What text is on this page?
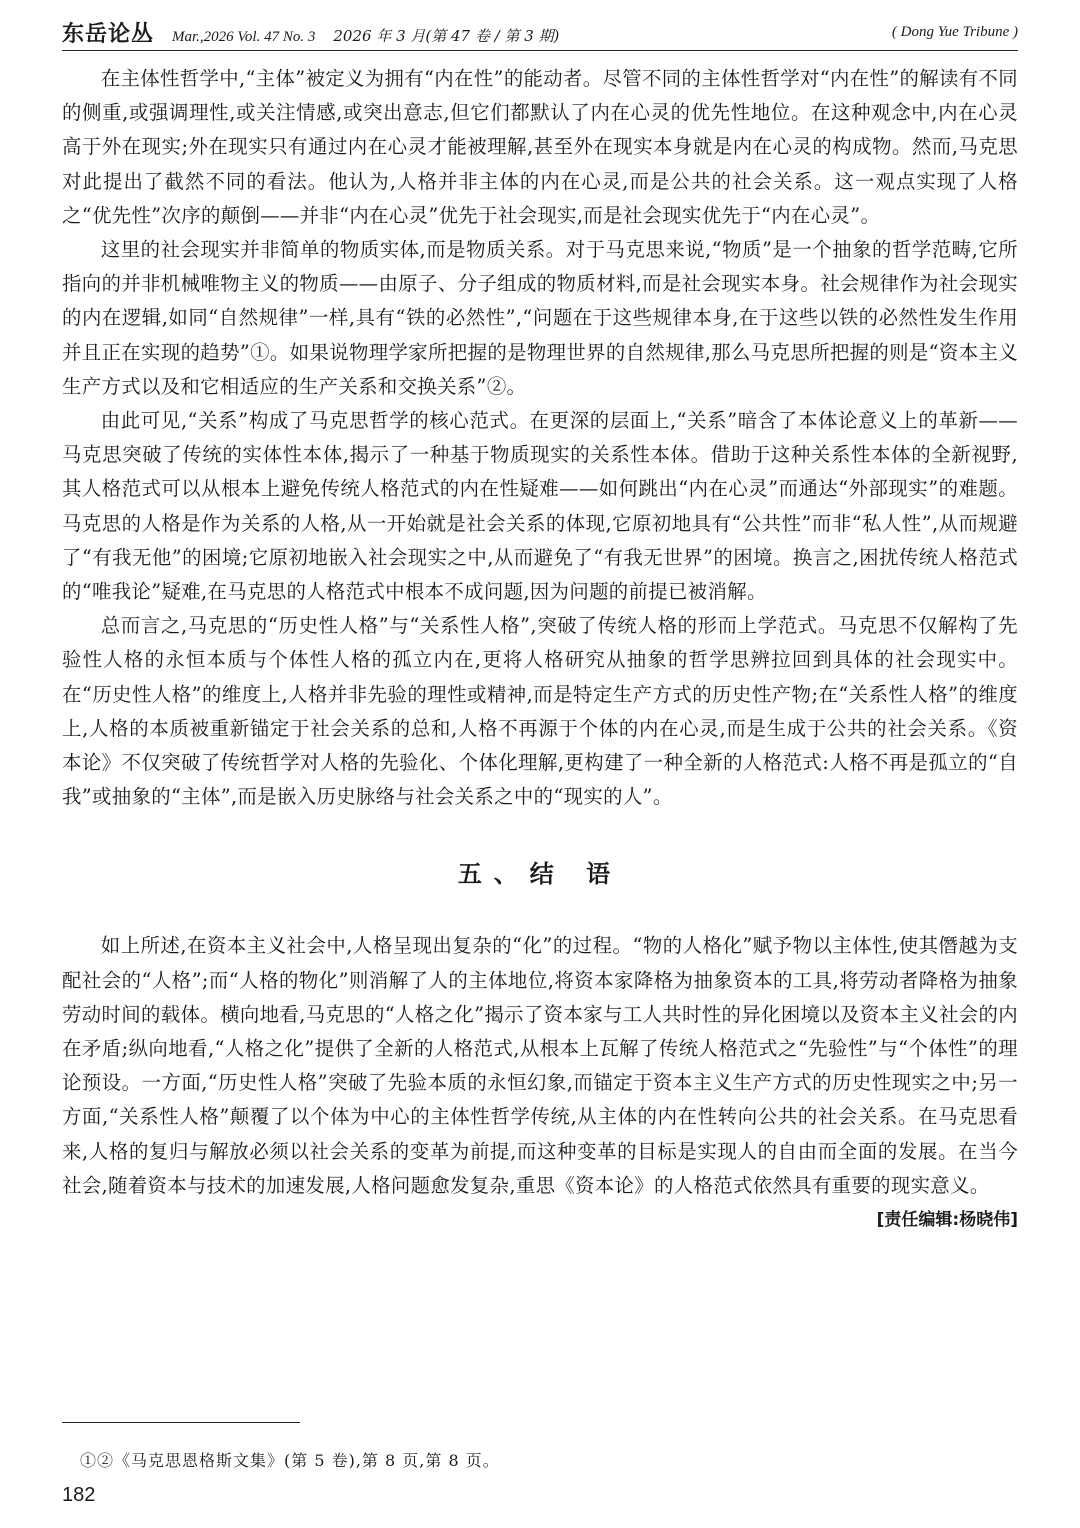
东岳论丛 Mar.,2026 Vol. 47 No. 3 2026 年 3 月(第 47 卷 / 第 3 期)	( Dong Yue Tribune )

在主体性哲学中,“主体”被定义为拥有“内在性”的能动者。尽管不同的主体性哲学对“内在性”的解读有不同的侧重,或强调理性,或关注情感,或突出意志,但它们都默认了内在心灵的优先性地位。在这种观念中,内在心灵高于外在现实;外在现实只有通过内在心灵才能被理解,甚至外在现实本身就是内在心灵的构成物。然而,马克思对此提出了截然不同的看法。他认为,人格并非主体的内在心灵,而是公共的社会关系。这一观点实现了人格之“优先性”次序的颠倒——并非“内在心灵”优先于社会现实,而是社会现实优先于“内在心灵”。

这里的社会现实并非简单的物质实体,而是物质关系。对于马克思来说,“物质”是一个抽象的哲学范畴,它所指向的并非机械唯物主义的物质——由原子、分子组成的物质材料,而是社会现实本身。社会规律作为社会现实的内在逻辑,如同“自然规律”一样,具有“铁的必然性”,“问题在于这些规律本身,在于这些以铁的必然性发生作用并且正在实现的趋势”①。如果说物理学家所把握的是物理世界的自然规律,那么马克思所把握的则是“资本主义生产方式以及和它相适应的生产关系和交换关系”②。

由此可见,“关系”构成了马克思哲学的核心范式。在更深的层面上,“关系”暗含了本体论意义上的革新——马克思突破了传统的实体性本体,揭示了一种基于物质现实的关系性本体。借助于这种关系性本体的全新视野,其人格范式可以从根本上避免传统人格范式的内在性疑难——如何跳出“内在心灵”而通达“外部现实”的难题。马克思的人格是作为关系的人格,从一开始就是社会关系的体现,它原初地具有“公共性”而非“私人性”,从而规避了“有我无他”的困境;它原初地嵌入社会现实之中,从而避免了“有我无世界”的困境。换言之,困扰传统人格范式的“唯我论”疑难,在马克思的人格范式中根本不成问题,因为问题的前提已被消解。

总而言之,马克思的“历史性人格”与“关系性人格”,突破了传统人格的形而上学范式。马克思不仅解构了先验性人格的永恒本质与个体性人格的孤立内在,更将人格研究从抽象的哲学思辨拉回到具体的社会现实中。在“历史性人格”的维度上,人格并非先验的理性或精神,而是特定生产方式的历史性产物;在“关系性人格”的维度上,人格的本质被重新锚定于社会关系的总和,人格不再源于个体的内在心灵,而是生成于公共的社会关系。《资本论》不仅突破了传统哲学对人格的先验化、个体化理解,更构建了一种全新的人格范式:人格不再是孤立的“自我”或抽象的“主体”,而是嵌入历史脉络与社会关系之中的“现实的人”。

五、结 语

如上所述,在资本主义社会中,人格呈现出复杂的“化”的过程。“物的人格化”赋予物以主体性,使其僭越为支配社会的“人格”;而“人格的物化”则消解了人的主体地位,将资本家降格为抽象资本的工具,将劳动者降格为抽象劳动时间的载体。横向地看,马克思的“人格之化”揭示了资本家与工人共时性的异化困境以及资本主义社会的内在矛盾;纵向地看,“人格之化”提供了全新的人格范式,从根本上瓦解了传统人格范式之“先验性”与“个体性”的理论预设。一方面,“历史性人格”突破了先验本质的永恒幻象,而锚定于资本主义生产方式的历史性现实之中;另一方面,“关系性人格”颠覆了以个体为中心的主体性哲学传统,从主体的内在性转向公共的社会关系。在马克思看来,人格的复归与解放必须以社会关系的变革为前提,而这种变革的目标是实现人的自由而全面的发展。在当今社会,随着资本与技术的加速发展,人格问题愈发复杂,重思《资本论》的人格范式依然具有重要的现实意义。

[责任编辑:杨晓伟]
①②《马克思恩格斯文集》(第 5 卷),第 8 页,第 8 页。
182
